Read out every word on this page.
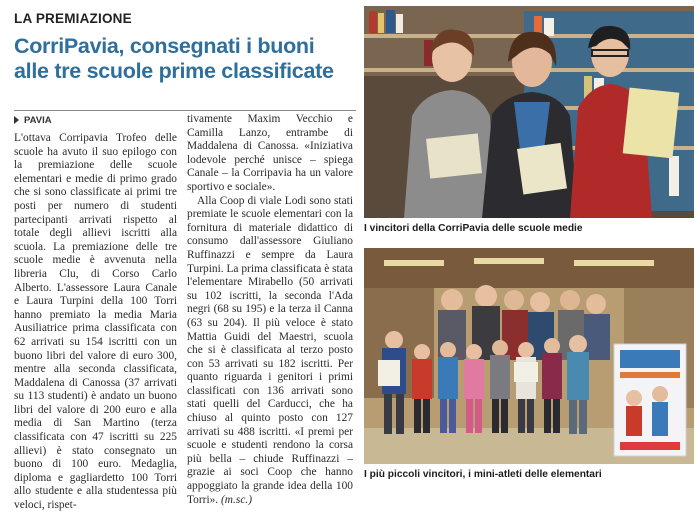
LA PREMIAZIONE
CorriPavia, consegnati i buoni alle tre scuole prime classificate
PAVIA

L'ottava Corripavia Trofeo delle scuole ha avuto il suo epilogo con la premiazione delle scuole elementari e medie di primo grado che si sono classificate ai primi tre posti per numero di studenti partecipanti arrivati rispetto al totale degli allievi iscritti alla scuola. La premiazione delle tre scuole medie è avvenuta nella libreria Clu, di Corso Carlo Alberto. L'assessore Laura Canale e Laura Turpini della 100 Torri hanno premiato la media Maria Ausiliatrice prima classificata con 62 arrivati su 154 iscritti con un buono libri del valore di euro 300, mentre alla seconda classificata, Maddalena di Canossa (37 arrivati su 113 studenti) è andato un buono libri del valore di 200 euro e alla media di San Martino (terza classificata con 47 iscritti su 225 allievi) è stato consegnato un buono di 100 euro. Medaglia, diploma e gagliardetto 100 Torri allo studente e alla studentessa più veloci, rispet-

tivamente Maxim Vecchio e Camilla Lanzo, entrambe di Maddalena di Canossa. «Iniziativa lodevole perché unisce – spiega Canale – la Corripavia ha un valore sportivo e sociale».

Alla Coop di viale Lodi sono stati premiate le scuole elementari con la fornitura di materiale didattico di consumo dall'assessore Giuliano Ruffinazzi e sempre da Laura Turpini. La prima classificata è stata l'elementare Mirabello (50 arrivati su 102 iscritti, la seconda l'Ada negri (68 su 195) e la terza il Canna (63 su 204). Il più veloce è stato Mattia Guidi del Maestri, scuola che si è classificata al terzo posto con 53 arrivati su 182 iscritti. Per quanto riguarda i genitori i primi classificati con 136 arrivati sono stati quelli del Carducci, che ha chiuso al quinto posto con 127 arrivati su 488 iscritti. «I premi per scuole e studenti rendono la corsa più bella – chiude Ruffinazzi – grazie ai soci Coop che hanno appoggiato la grande idea della 100 Torri». (m.sc.)

I vincitori della CorriPavia delle scuole medie
I più piccoli vincitori, i mini-atleti delle elementari
